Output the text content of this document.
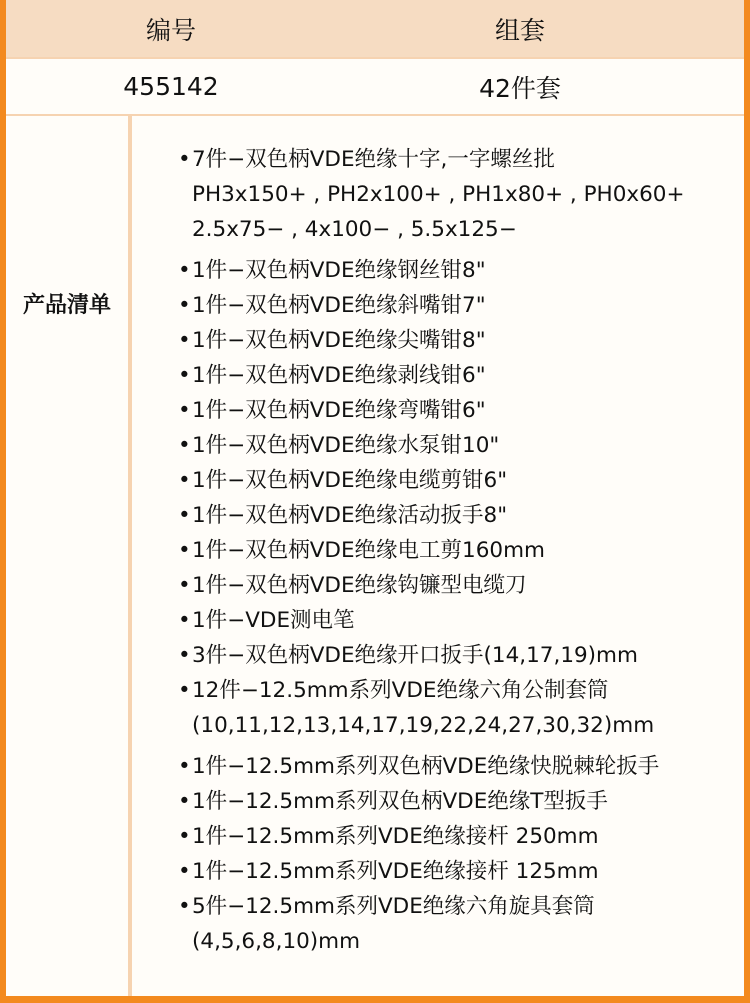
编号	组套
455142	42件套
产品清单
• 7件−双色柄VDE绝缘十字,一字螺丝批
PH3x150+ , PH2x100+ , PH1x80+ , PH0x60+
2.5x75− , 4x100− , 5.5x125−
• 1件−双色柄VDE绝缘钢丝钳8"
• 1件−双色柄VDE绝缘斜嘴钳7"
• 1件−双色柄VDE绝缘尖嘴钳8"
• 1件−双色柄VDE绝缘剥线钳6"
• 1件−双色柄VDE绝缘弯嘴钳6"
• 1件−双色柄VDE绝缘水泵钳10"
• 1件−双色柄VDE绝缘电缆剪钳6"
• 1件−双色柄VDE绝缘活动扳手8"
• 1件−双色柄VDE绝缘电工剪160mm
• 1件−双色柄VDE绝缘钩镰型电缆刀
• 1件−VDE测电笔
• 3件−双色柄VDE绝缘开口扳手(14,17,19)mm
• 12件−12.5mm系列VDE绝缘六角公制套筒
(10,11,12,13,14,17,19,22,24,27,30,32)mm
• 1件−12.5mm系列双色柄VDE绝缘快脱棘轮扳手
• 1件−12.5mm系列双色柄VDE绝缘T型扳手
• 1件−12.5mm系列VDE绝缘接杆 250mm
• 1件−12.5mm系列VDE绝缘接杆 125mm
• 5件−12.5mm系列VDE绝缘六角旋具套筒
(4,5,6,8,10)mm
